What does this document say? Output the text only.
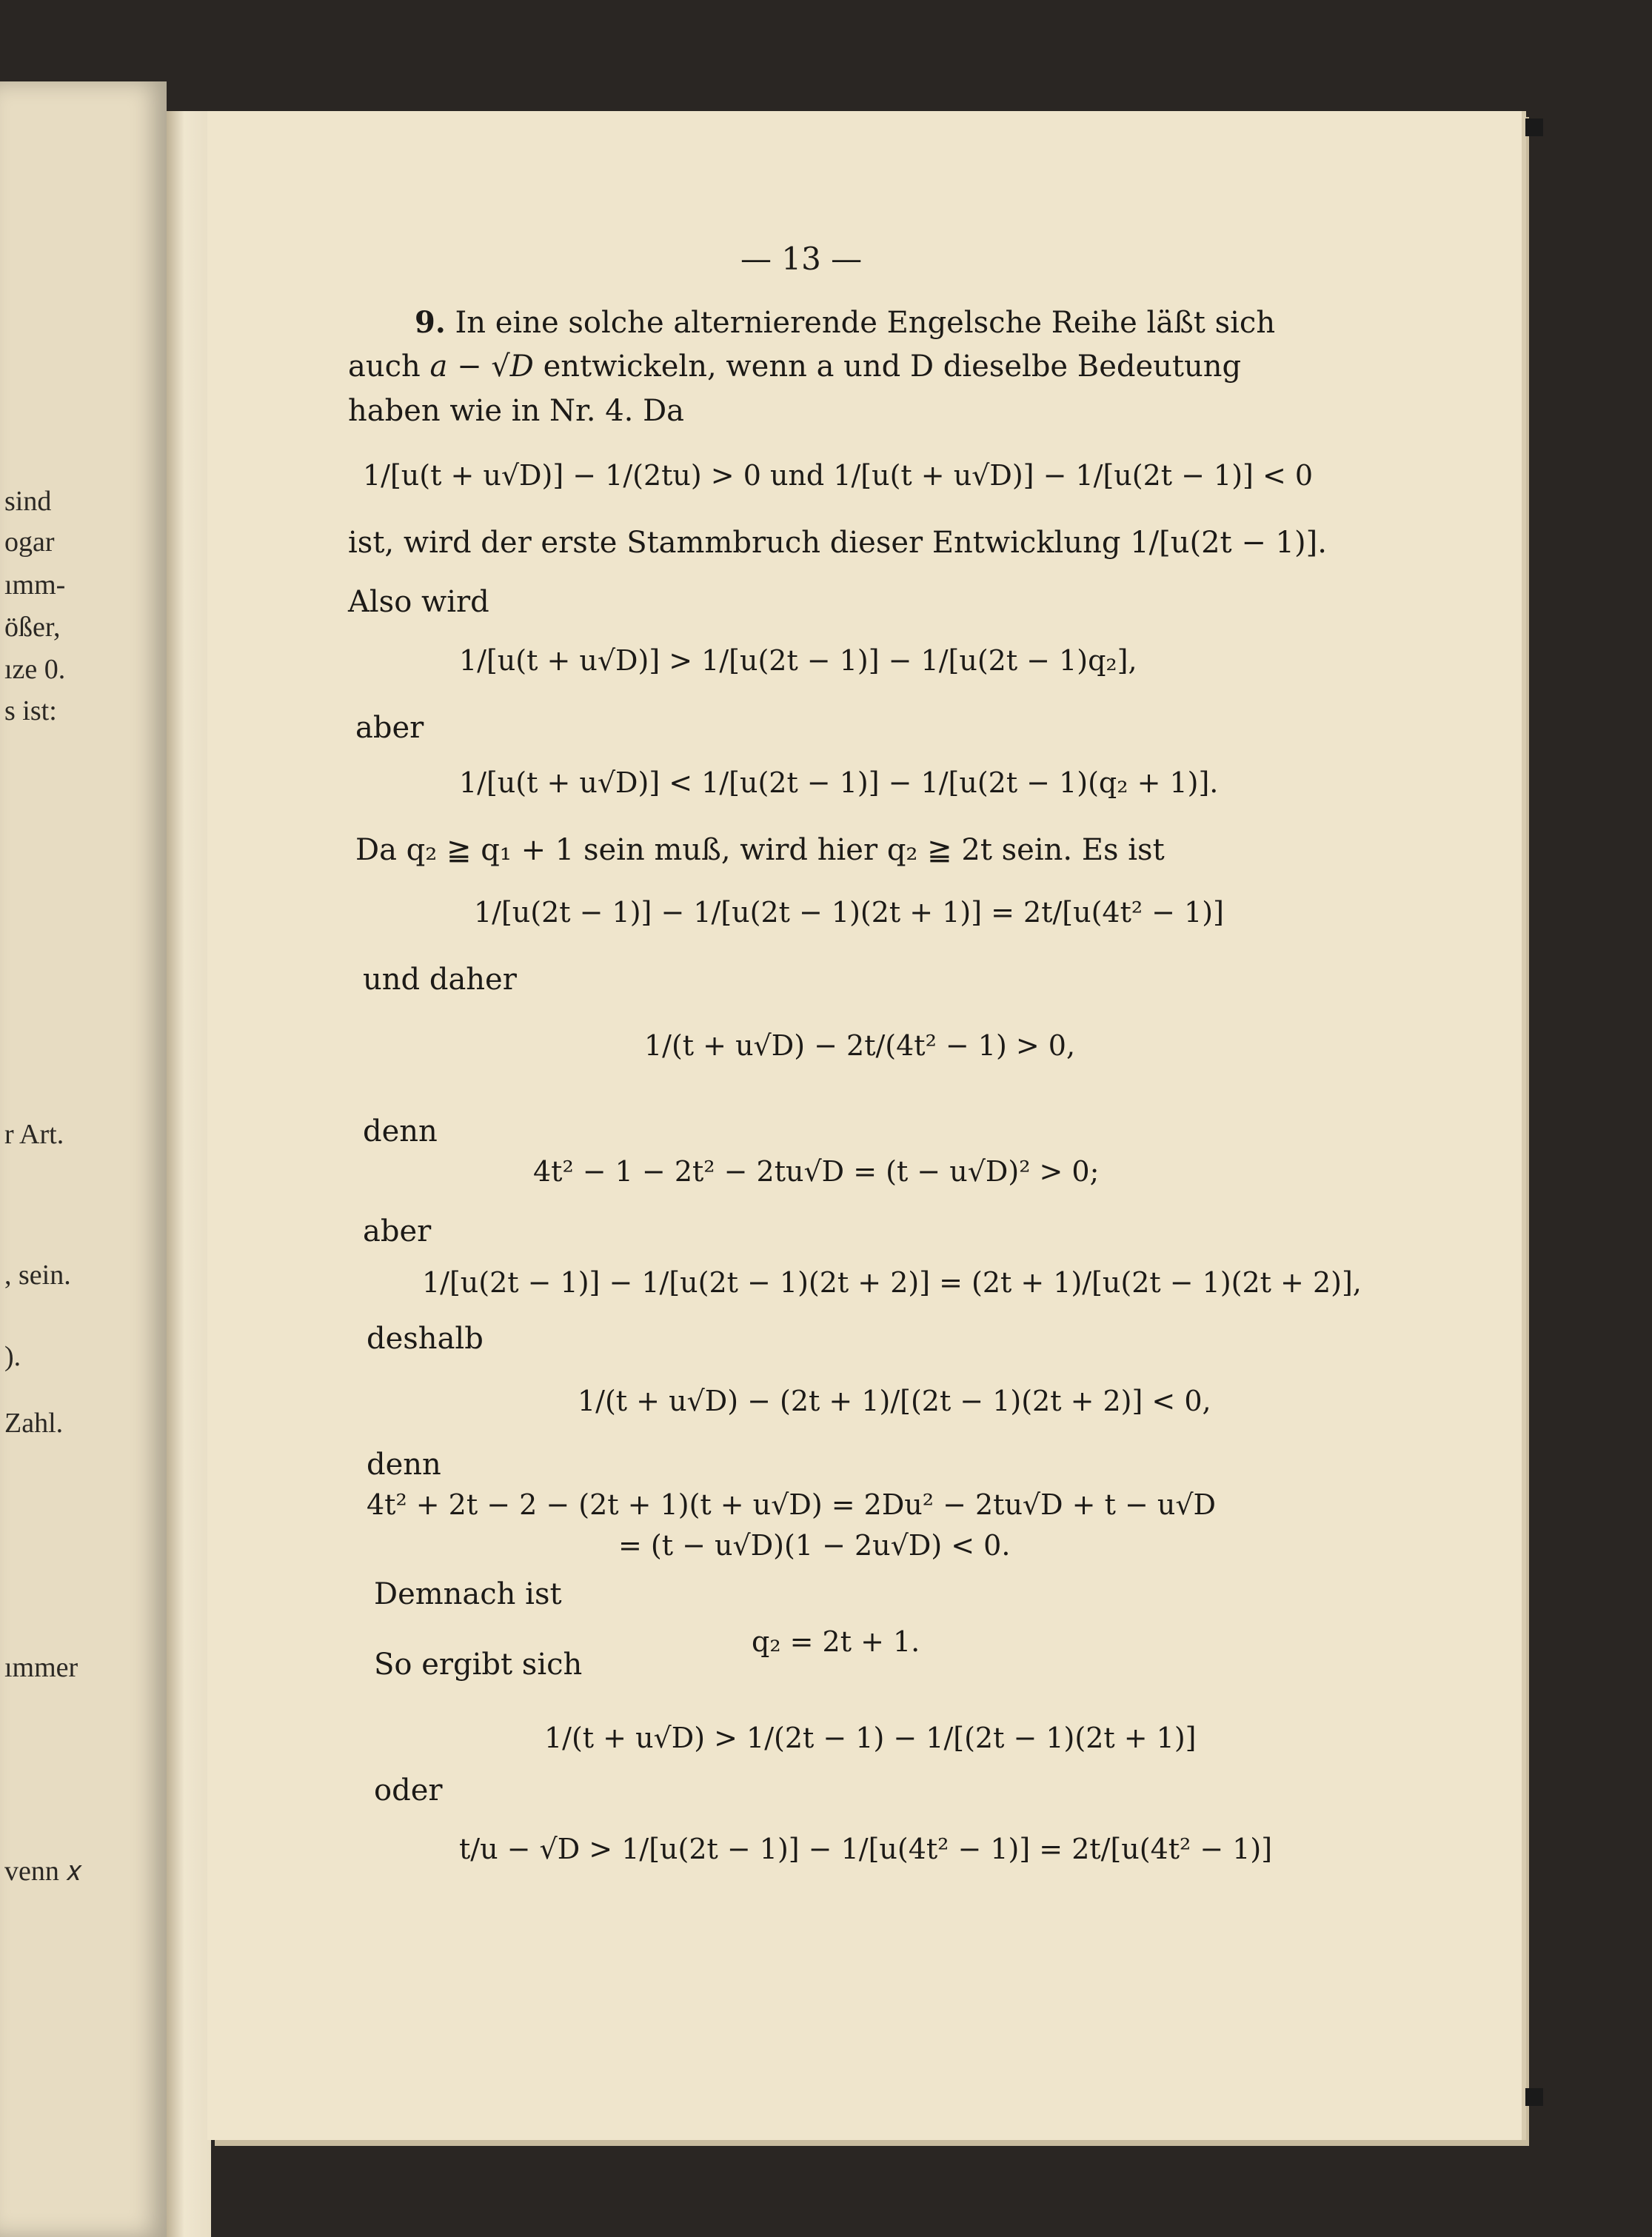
sind
ogar
ımm-
ößer,
ıze 0.
s ist:
r Art.
, sein.
).
Zahl.
ımmer
venn 𝑥
— 13 —
9. In eine solche alternierende Engelsche Reihe läßt sich
auch a − √D entwickeln, wenn a und D dieselbe Bedeutung
haben wie in Nr. 4. Da
1/[u(t + u√D)] − 1/(2tu) > 0 und 1/[u(t + u√D)] − 1/[u(2t − 1)] < 0
ist, wird der erste Stammbruch dieser Entwicklung 1/[u(2t − 1)].
Also wird
1/[u(t + u√D)] > 1/[u(2t − 1)] − 1/[u(2t − 1)q₂],
aber
1/[u(t + u√D)] < 1/[u(2t − 1)] − 1/[u(2t − 1)(q₂ + 1)].
Da q₂ ≧ q₁ + 1 sein muß, wird hier q₂ ≧ 2t sein. Es ist
1/[u(2t − 1)] − 1/[u(2t − 1)(2t + 1)] = 2t/[u(4t² − 1)]
und daher
1/(t + u√D) − 2t/(4t² − 1) > 0,
denn
4t² − 1 − 2t² − 2tu√D = (t − u√D)² > 0;
aber
1/[u(2t − 1)] − 1/[u(2t − 1)(2t + 2)] = (2t + 1)/[u(2t − 1)(2t + 2)],
deshalb
1/(t + u√D) − (2t + 1)/[(2t − 1)(2t + 2)] < 0,
denn
4t² + 2t − 2 − (2t + 1)(t + u√D) = 2Du² − 2tu√D + t − u√D
= (t − u√D)(1 − 2u√D) < 0.
Demnach ist
q₂ = 2t + 1.
So ergibt sich
1/(t + u√D) > 1/(2t − 1) − 1/[(2t − 1)(2t + 1)]
oder
t/u − √D > 1/[u(2t − 1)] − 1/[u(4t² − 1)] = 2t/[u(4t² − 1)]
